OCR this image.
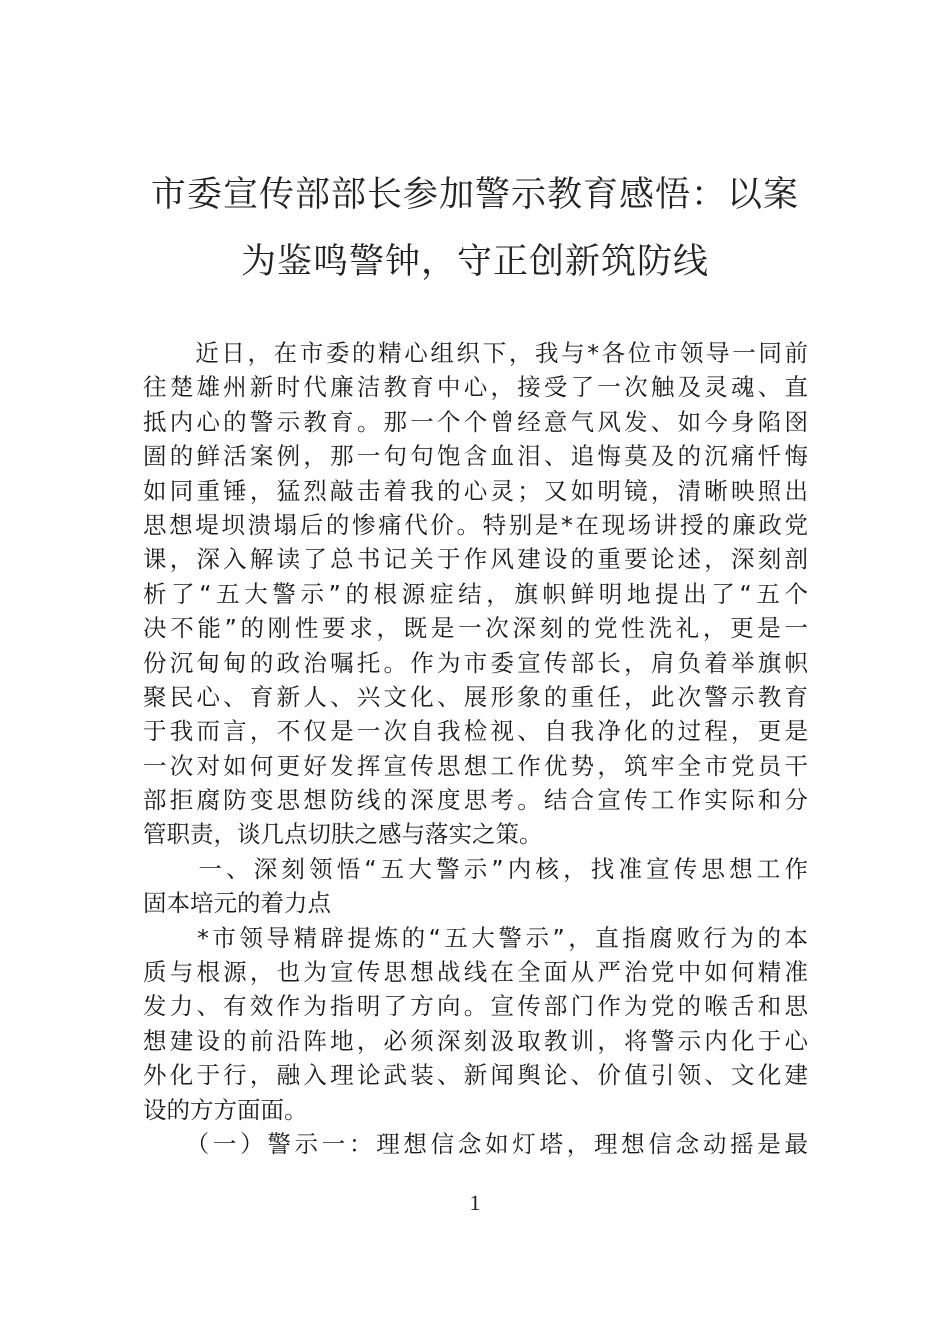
市委宣传部部长参加警示教育感悟：以案
为鉴鸣警钟，守正创新筑防线
　　近日，在市委的精心组织下，我与*各位市领导一同前
往楚雄州新时代廉洁教育中心，接受了一次触及灵魂、直
抵内心的警示教育。那一个个曾经意气风发、如今身陷囹
圄的鲜活案例，那一句句饱含血泪、追悔莫及的沉痛忏悔
如同重锤，猛烈敲击着我的心灵；又如明镜，清晰映照出
思想堤坝溃塌后的惨痛代价。特别是*在现场讲授的廉政党
课，深入解读了总书记关于作风建设的重要论述，深刻剖
析了“五大警示”的根源症结，旗帜鲜明地提出了“五个
决不能”的刚性要求，既是一次深刻的党性洗礼，更是一
份沉甸甸的政治嘱托。作为市委宣传部长，肩负着举旗帜
聚民心、育新人、兴文化、展形象的重任，此次警示教育
于我而言，不仅是一次自我检视、自我净化的过程，更是
一次对如何更好发挥宣传思想工作优势，筑牢全市党员干
部拒腐防变思想防线的深度思考。结合宣传工作实际和分
管职责，谈几点切肤之感与落实之策。
　　一、深刻领悟“五大警示”内核，找准宣传思想工作
固本培元的着力点
　　*市领导精辟提炼的“五大警示”，直指腐败行为的本
质与根源，也为宣传思想战线在全面从严治党中如何精准
发力、有效作为指明了方向。宣传部门作为党的喉舌和思
想建设的前沿阵地，必须深刻汲取教训，将警示内化于心
外化于行，融入理论武装、新闻舆论、价值引领、文化建
设的方方面面。
　　（一）警示一：理想信念如灯塔，理想信念动摇是最
1
